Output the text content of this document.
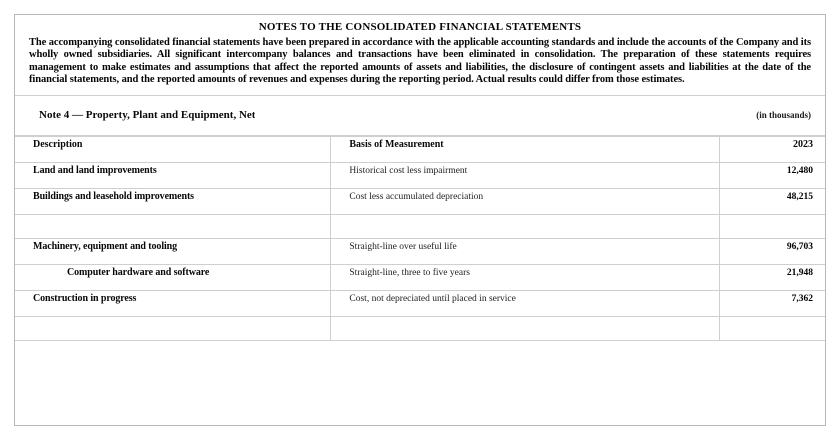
NOTES TO THE CONSOLIDATED FINANCIAL STATEMENTS
The accompanying consolidated financial statements have been prepared in accordance with the applicable accounting standards and include the accounts of the Company and its wholly owned subsidiaries. All significant intercompany balances and transactions have been eliminated in consolidation. The preparation of these statements requires management to make estimates and assumptions that affect the reported amounts of assets and liabilities, the disclosure of contingent assets and liabilities at the date of the financial statements, and the reported amounts of revenues and expenses during the reporting period. Actual results could differ from those estimates.
Note 4 — Property, Plant and Equipment, Net	(in thousands)
Description	Basis of Measurement	2023

Land and land improvements	Historical cost less impairment	12,480

Buildings and leasehold improvements	Cost less accumulated depreciation	48,215

Machinery, equipment and tooling	Straight-line over useful life	96,703

Computer hardware and software	Straight-line, three to five years	21,948

Construction in progress	Cost, not depreciated until placed in service	7,362
